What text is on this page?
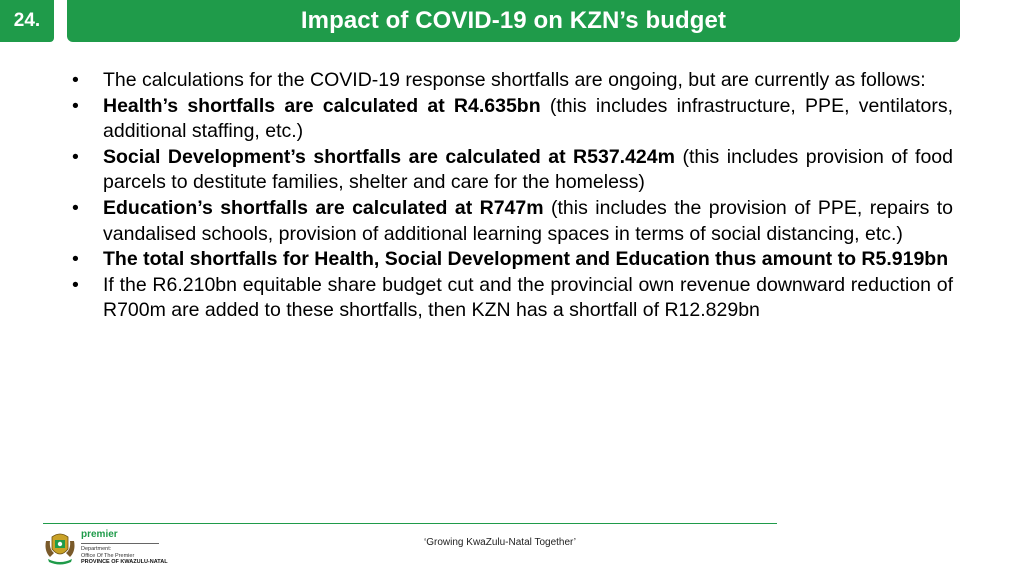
24.	Impact of COVID-19 on KZN’s budget
•	The calculations for the COVID-19 response shortfalls are ongoing, but are currently as follows:
•	Health’s shortfalls are calculated at R4.635bn (this includes infrastructure, PPE, ventilators, additional staffing, etc.)
•	Social Development’s shortfalls are calculated at R537.424m (this includes provision of food parcels to destitute families, shelter and care for the homeless)
•	Education’s shortfalls are calculated at R747m (this includes the provision of PPE, repairs to vandalised schools, provision of additional learning spaces in terms of social distancing, etc.)
•	The total shortfalls for Health, Social Development and Education thus amount to R5.919bn
•	If the R6.210bn equitable share budget cut and the provincial own revenue downward reduction of R700m are added to these shortfalls, then KZN has a shortfall of R12.829bn
premier
Department:
Office Of The Premier
PROVINCE OF KWAZULU-NATAL
‘Growing KwaZulu-Natal Together’
